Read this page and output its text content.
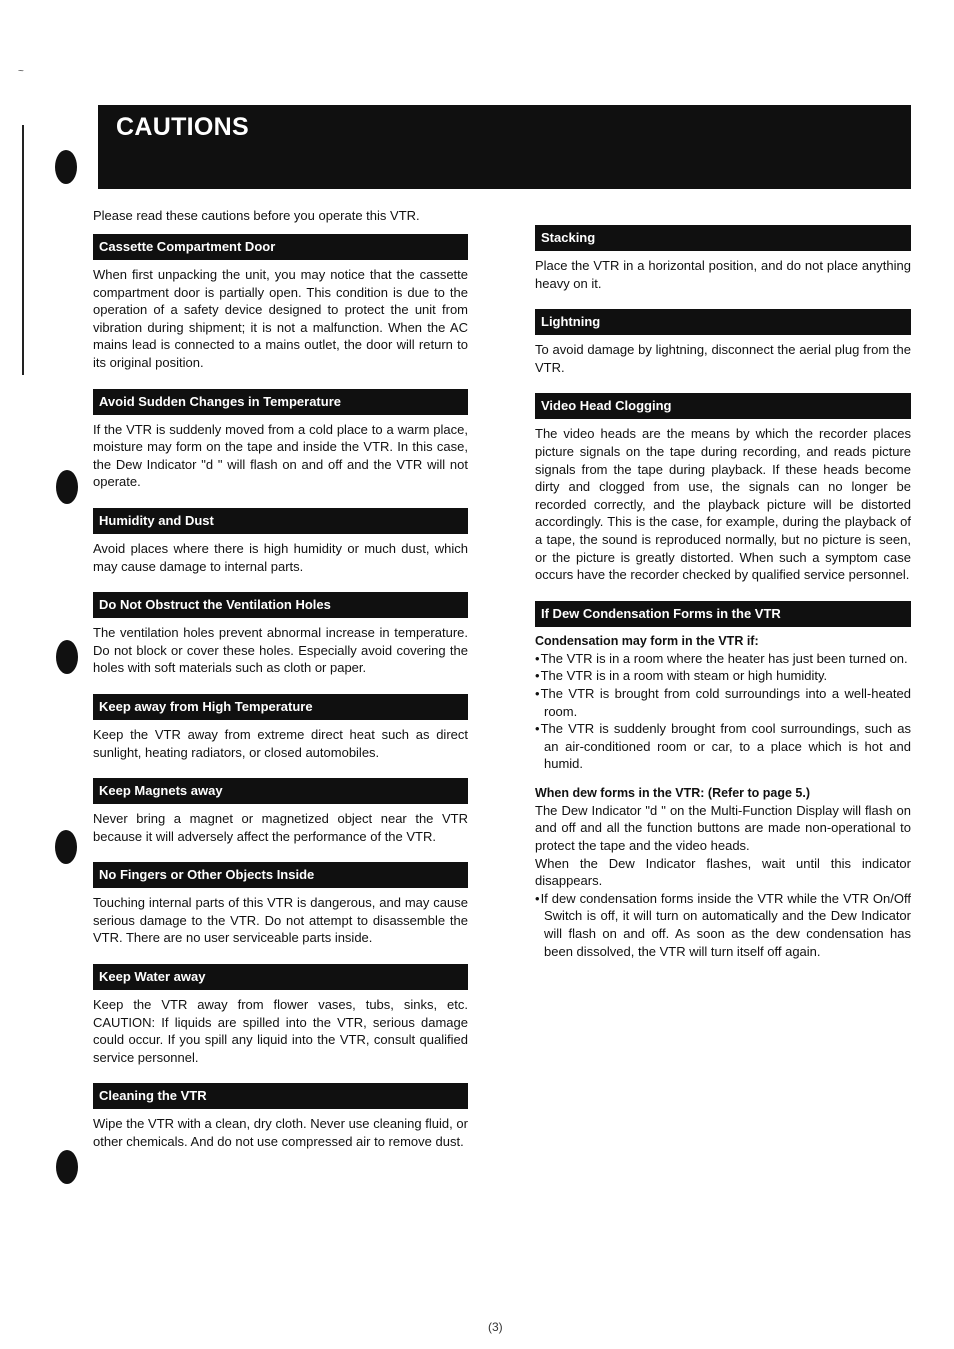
~
CAUTIONS

Please read these cautions before you operate this VTR.

Cassette Compartment Door

When first unpacking the unit, you may notice that the cassette compartment door is partially open. This condition is due to the operation of a safety device designed to protect the unit from vibration during shipment; it is not a malfunction. When the AC mains lead is connected to a mains outlet, the door will return to its original position.

Avoid Sudden Changes in Temperature

If the VTR is suddenly moved from a cold place to a warm place, moisture may form on the tape and inside the VTR. In this case, the Dew Indicator "d " will flash on and off and the VTR will not operate.

Humidity and Dust

Avoid places where there is high humidity or much dust, which may cause damage to internal parts.

Do Not Obstruct the Ventilation Holes

The ventilation holes prevent abnormal increase in temperature. Do not block or cover these holes. Especially avoid covering the holes with soft materials such as cloth or paper.

Keep away from High Temperature

Keep the VTR away from extreme direct heat such as direct sunlight, heating radiators, or closed automobiles.

Keep Magnets away

Never bring a magnet or magnetized object near the VTR because it will adversely affect the performance of the VTR.

No Fingers or Other Objects Inside

Touching internal parts of this VTR is dangerous, and may cause serious damage to the VTR. Do not attempt to disassemble the VTR. There are no user serviceable parts inside.

Keep Water away

Keep the VTR away from flower vases, tubs, sinks, etc. CAUTION: If liquids are spilled into the VTR, serious damage could occur. If you spill any liquid into the VTR, consult qualified service personnel.

Cleaning the VTR

Wipe the VTR with a clean, dry cloth. Never use cleaning fluid, or other chemicals. And do not use compressed air to remove dust.

Stacking

Place the VTR in a horizontal position, and do not place anything heavy on it.

Lightning

To avoid damage by lightning, disconnect the aerial plug from the VTR.

Video Head Clogging

The video heads are the means by which the recorder places picture signals on the tape during recording, and reads picture signals from the tape during playback. If these heads become dirty and clogged from use, the signals can no longer be recorded correctly, and the playback picture will be distorted accordingly. This is the case, for example, during the playback of a tape, the sound is reproduced normally, but no picture is seen, or the picture is greatly distorted. When such a symptom case occurs have the recorder checked by qualified service personnel.

If Dew Condensation Forms in the VTR

Condensation may form in the VTR if:

• The VTR is in a room where the heater has just been turned on.
• The VTR is in a room with steam or high humidity.
• The VTR is brought from cold surroundings into a well-heated room.
• The VTR is suddenly brought from cool surroundings, such as an air-conditioned room or car, to a place which is hot and humid.

When dew forms in the VTR: (Refer to page 5.)

The Dew Indicator "d " on the Multi-Function Display will flash on and off and all the function buttons are made non-operational to protect the tape and the video heads.

When the Dew Indicator flashes, wait until this indicator disappears.

• If dew condensation forms inside the VTR while the VTR On/Off Switch is off, it will turn on automatically and the Dew Indicator will flash on and off. As soon as the dew condensation has been dissolved, the VTR will turn itself off again.
(3)
